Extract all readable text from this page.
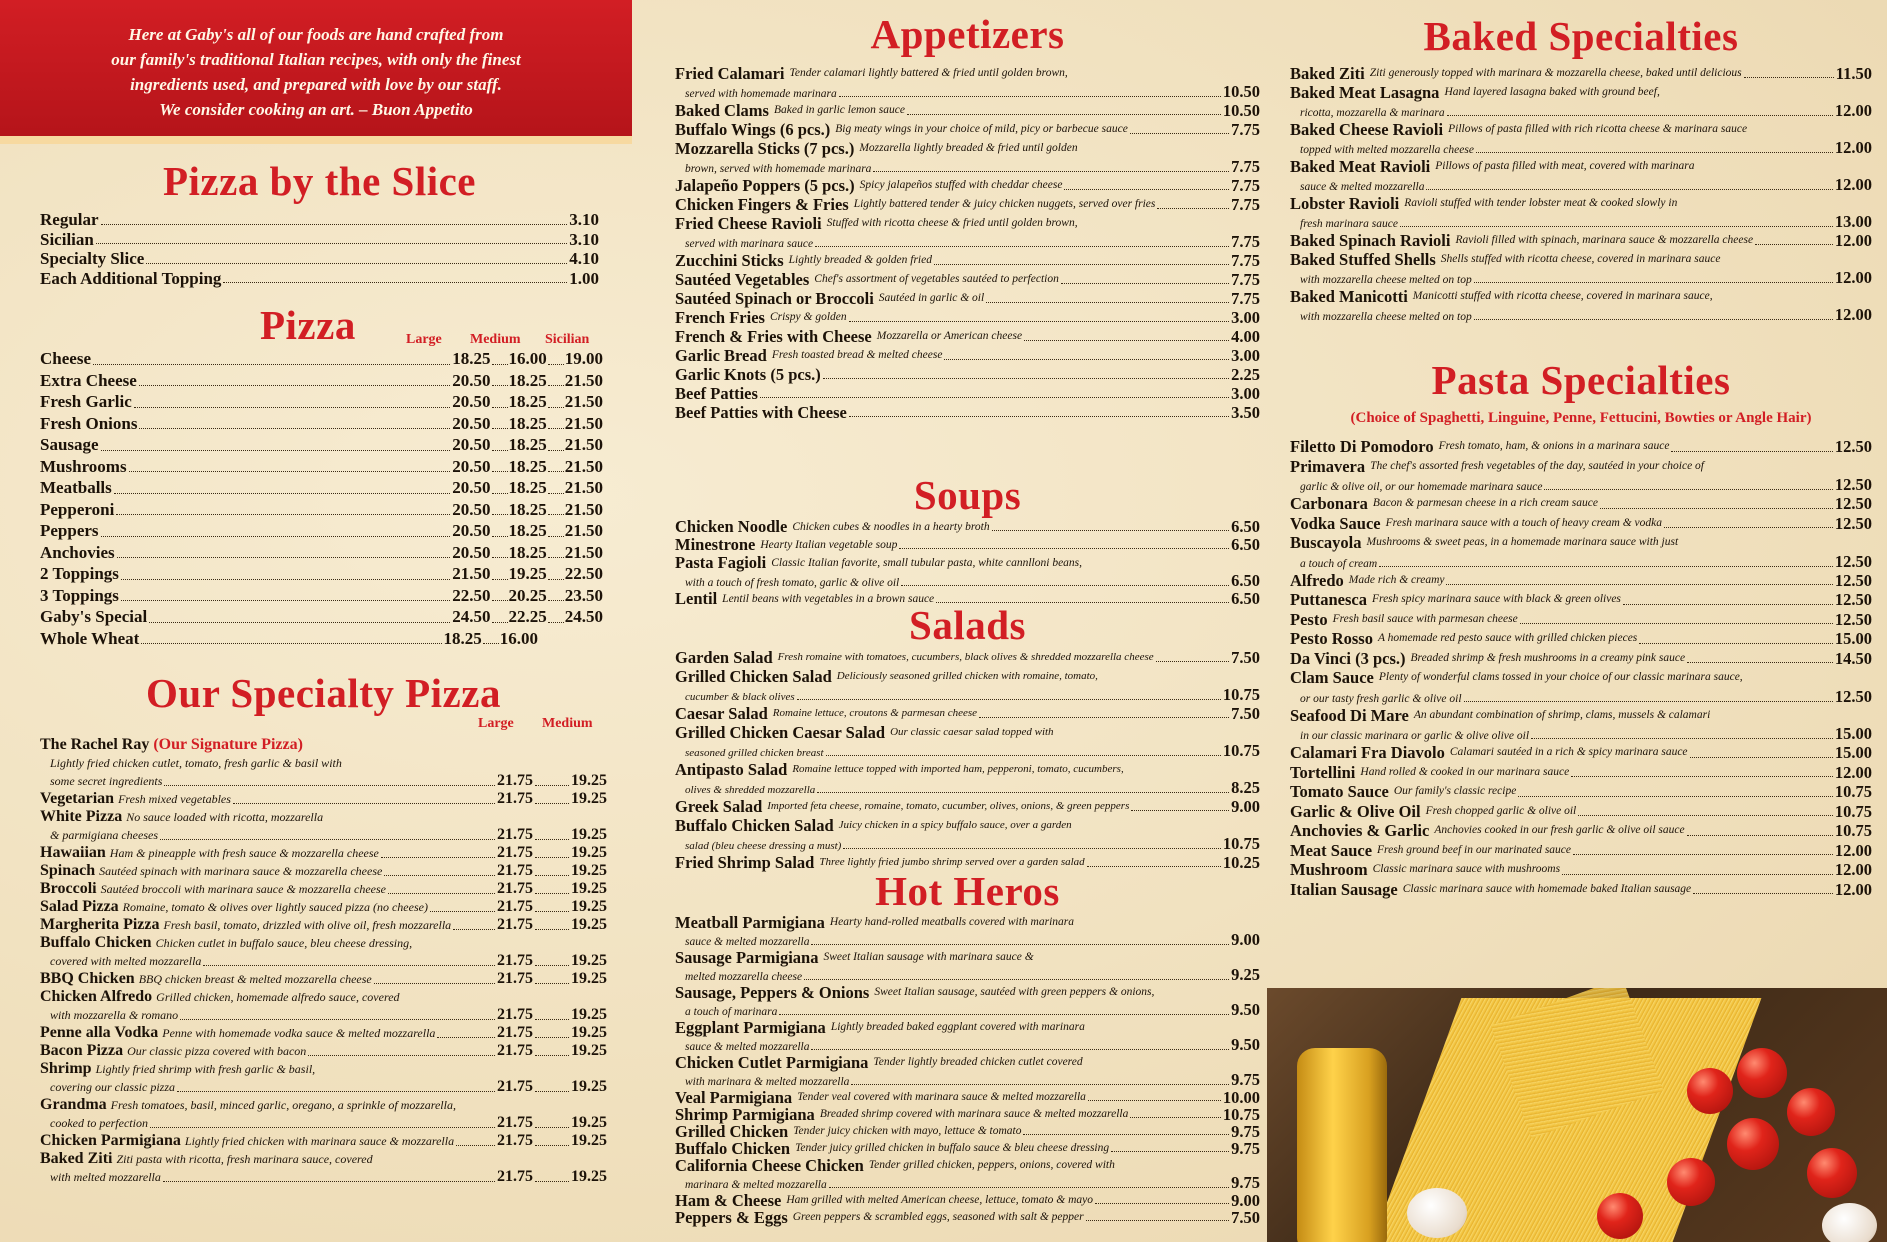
Here at Gaby's all of our foods are hand crafted from
our family's traditional Italian recipes, with only the finest
ingredients used, and prepared with love by our staff.
We consider cooking an art. – Buon Appetito
Pizza by the Slice
Regular	3.10
Sicilian	3.10
Specialty Slice	4.10
Each Additional Topping	1.00
Pizza	Large Medium Sicilian
Cheese	18.25 16.00 19.00
Extra Cheese	20.50 18.25 21.50
Fresh Garlic	20.50 18.25 21.50
Fresh Onions	20.50 18.25 21.50
Sausage	20.50 18.25 21.50
Mushrooms	20.50 18.25 21.50
Meatballs	20.50 18.25 21.50
Pepperoni	20.50 18.25 21.50
Peppers	20.50 18.25 21.50
Anchovies	20.50 18.25 21.50
2 Toppings	21.50 19.25 22.50
3 Toppings	22.50 20.25 23.50
Gaby's Special	24.50 22.25 24.50
Whole Wheat	18.25 16.00
Our Specialty Pizza
Large Medium
The Rachel Ray (Our Signature Pizza)
Lightly fried chicken cutlet, tomato, fresh garlic & basil with
some secret ingredients	21.75 19.25
Vegetarian Fresh mixed vegetables	21.75 19.25
White Pizza No sauce loaded with ricotta, mozzarella
& parmigiana cheeses	21.75 19.25
Hawaiian Ham & pineapple with fresh sauce & mozzarella cheese	21.75 19.25
Spinach Sautéed spinach with marinara sauce & mozzarella cheese	21.75 19.25
Broccoli Sautéed broccoli with marinara sauce & mozzarella cheese	21.75 19.25
Salad Pizza Romaine, tomato & olives over lightly sauced pizza (no cheese)	21.75 19.25
Margherita Pizza Fresh basil, tomato, drizzled with olive oil, fresh mozzarella	21.75 19.25
Buffalo Chicken Chicken cutlet in buffalo sauce, bleu cheese dressing,
covered with melted mozzarella	21.75 19.25
BBQ Chicken BBQ chicken breast & melted mozzarella cheese	21.75 19.25
Chicken Alfredo Grilled chicken, homemade alfredo sauce, covered
with mozzarella & romano	21.75 19.25
Penne alla Vodka Penne with homemade vodka sauce & melted mozzarella	21.75 19.25
Bacon Pizza Our classic pizza covered with bacon	21.75 19.25
Shrimp Lightly fried shrimp with fresh garlic & basil,
covering our classic pizza	21.75 19.25
Grandma Fresh tomatoes, basil, minced garlic, oregano, a sprinkle of mozzarella,
cooked to perfection	21.75 19.25
Chicken Parmigiana Lightly fried chicken with marinara sauce & mozzarella	21.75 19.25
Baked Ziti Ziti pasta with ricotta, fresh marinara sauce, covered
with melted mozzarella	21.75 19.25
Appetizers
Fried Calamari Tender calamari lightly battered & fried until golden brown,
served with homemade marinara	10.50
Baked Clams Baked in garlic lemon sauce	10.50
Buffalo Wings (6 pcs.) Big meaty wings in your choice of mild, picy or barbecue sauce	7.75
Mozzarella Sticks (7 pcs.) Mozzarella lightly breaded & fried until golden
brown, served with homemade marinara	7.75
Jalapeño Poppers (5 pcs.) Spicy jalapeños stuffed with cheddar cheese	7.75
Chicken Fingers & Fries Lightly battered tender & juicy chicken nuggets, served over fries	7.75
Fried Cheese Ravioli Stuffed with ricotta cheese & fried until golden brown,
served with marinara sauce	7.75
Zucchini Sticks Lightly breaded & golden fried	7.75
Sautéed Vegetables Chef's assortment of vegetables sautéed to perfection	7.75
Sautéed Spinach or Broccoli Sautéed in garlic & oil	7.75
French Fries Crispy & golden	3.00
French & Fries with Cheese Mozzarella or American cheese	4.00
Garlic Bread Fresh toasted bread & melted cheese	3.00
Garlic Knots (5 pcs.)	2.25
Beef Patties	3.00
Beef Patties with Cheese	3.50
Soups
Chicken Noodle Chicken cubes & noodles in a hearty broth	6.50
Minestrone Hearty Italian vegetable soup	6.50
Pasta Fagioli Classic Italian favorite, small tubular pasta, white cannlloni beans,
with a touch of fresh tomato, garlic & olive oil	6.50
Lentil Lentil beans with vegetables in a brown sauce	6.50
Salads
Garden Salad Fresh romaine with tomatoes, cucumbers, black olives & shredded mozzarella cheese	7.50
Grilled Chicken Salad Deliciously seasoned grilled chicken with romaine, tomato,
cucumber & black olives	10.75
Caesar Salad Romaine lettuce, croutons & parmesan cheese	7.50
Grilled Chicken Caesar Salad Our classic caesar salad topped with
seasoned grilled chicken breast	10.75
Antipasto Salad Romaine lettuce topped with imported ham, pepperoni, tomato, cucumbers,
olives & shredded mozzarella	8.25
Greek Salad Imported feta cheese, romaine, tomato, cucumber, olives, onions, & green peppers	9.00
Buffalo Chicken Salad Juicy chicken in a spicy buffalo sauce, over a garden
salad (bleu cheese dressing a must)	10.75
Fried Shrimp Salad Three lightly fried jumbo shrimp served over a garden salad	10.25
Hot Heros
Meatball Parmigiana Hearty hand-rolled meatballs covered with marinara
sauce & melted mozzarella	9.00
Sausage Parmigiana Sweet Italian sausage with marinara sauce &
melted mozzarella cheese	9.25
Sausage, Peppers & Onions Sweet Italian sausage, sautéed with green peppers & onions,
a touch of marinara	9.50
Eggplant Parmigiana Lightly breaded baked eggplant covered with marinara
sauce & melted mozzarella	9.50
Chicken Cutlet Parmigiana Tender lightly breaded chicken cutlet covered
with marinara & melted mozzarella	9.75
Veal Parmigiana Tender veal covered with marinara sauce & melted mozzarella	10.00
Shrimp Parmigiana Breaded shrimp covered with marinara sauce & melted mozzarella	10.75
Grilled Chicken Tender juicy chicken with mayo, lettuce & tomato	9.75
Buffalo Chicken Tender juicy grilled chicken in buffalo sauce & bleu cheese dressing	9.75
California Cheese Chicken Tender grilled chicken, peppers, onions, covered with
marinara & melted mozzarella	9.75
Ham & Cheese Ham grilled with melted American cheese, lettuce, tomato & mayo	9.00
Peppers & Eggs Green peppers & scrambled eggs, seasoned with salt & pepper	7.50
Baked Specialties
Baked Ziti Ziti generously topped with marinara & mozzarella cheese, baked until delicious	11.50
Baked Meat Lasagna Hand layered lasagna baked with ground beef,
ricotta, mozzarella & marinara	12.00
Baked Cheese Ravioli Pillows of pasta filled with rich ricotta cheese & marinara sauce
topped with melted mozzarella cheese	12.00
Baked Meat Ravioli Pillows of pasta filled with meat, covered with marinara
sauce & melted mozzarella	12.00
Lobster Ravioli Ravioli stuffed with tender lobster meat & cooked slowly in
fresh marinara sauce	13.00
Baked Spinach Ravioli Ravioli filled with spinach, marinara sauce & mozzarella cheese	12.00
Baked Stuffed Shells Shells stuffed with ricotta cheese, covered in marinara sauce
with mozzarella cheese melted on top	12.00
Baked Manicotti Manicotti stuffed with ricotta cheese, covered in marinara sauce,
with mozzarella cheese melted on top	12.00
Pasta Specialties
(Choice of Spaghetti, Linguine, Penne, Fettucini, Bowties or Angle Hair)
Filetto Di Pomodoro Fresh tomato, ham, & onions in a marinara sauce	12.50
Primavera The chef's assorted fresh vegetables of the day, sautéed in your choice of
garlic & olive oil, or our homemade marinara sauce	12.50
Carbonara Bacon & parmesan cheese in a rich cream sauce	12.50
Vodka Sauce Fresh marinara sauce with a touch of heavy cream & vodka	12.50
Buscayola Mushrooms & sweet peas, in a homemade marinara sauce with just
a touch of cream	12.50
Alfredo Made rich & creamy	12.50
Puttanesca Fresh spicy marinara sauce with black & green olives	12.50
Pesto Fresh basil sauce with parmesan cheese	12.50
Pesto Rosso A homemade red pesto sauce with grilled chicken pieces	15.00
Da Vinci (3 pcs.) Breaded shrimp & fresh mushrooms in a creamy pink sauce	14.50
Clam Sauce Plenty of wonderful clams tossed in your choice of our classic marinara sauce,
or our tasty fresh garlic & olive oil	12.50
Seafood Di Mare An abundant combination of shrimp, clams, mussels & calamari
in our classic marinara or garlic & olive olive oil	15.00
Calamari Fra Diavolo Calamari sautéed in a rich & spicy marinara sauce	15.00
Tortellini Hand rolled & cooked in our marinara sauce	12.00
Tomato Sauce Our family's classic recipe	10.75
Garlic & Olive Oil Fresh chopped garlic & olive oil	10.75
Anchovies & Garlic Anchovies cooked in our fresh garlic & olive oil sauce	10.75
Meat Sauce Fresh ground beef in our marinated sauce	12.00
Mushroom Classic marinara sauce with mushrooms	12.00
Italian Sausage Classic marinara sauce with homemade baked Italian sausage	12.00
